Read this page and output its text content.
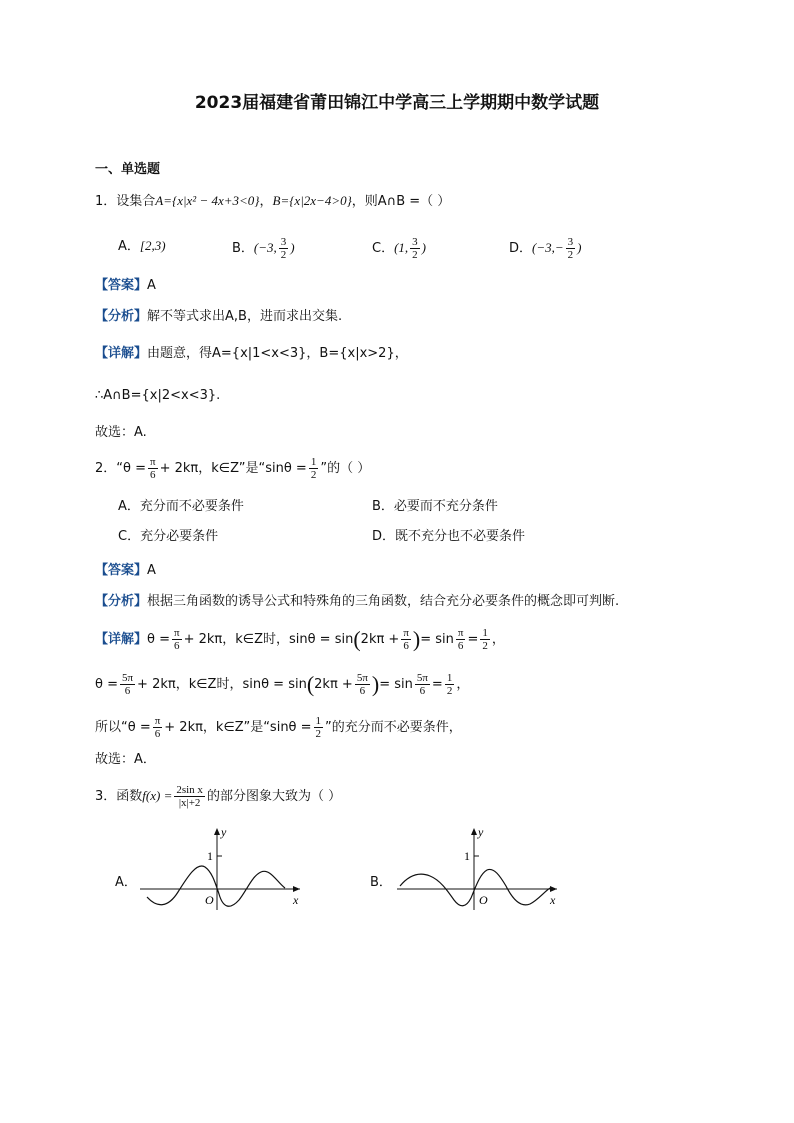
2023届福建省莆田锦江中学高三上学期期中数学试题
一、单选题
1．设集合A={x|x² − 4x+3<0}，B={x|2x−4>0}，则A∩B =（ ）
A．[2,3)	B．(−3, $\frac{3}{2}$ )	C．(1, $\frac{3}{2}$ )	D．($-3,- \frac{3}{2}$ )
【答案】A
【分析】解不等式求出A,B，进而求出交集.
【详解】由题意，得A={x|1<x<3}，B={x|x>2}，
∴A∩B={x|2<x<3}.
故选：A.
2．“$\theta = \frac{\pi}{6} + 2k\pi$，k∈Z”是“$\sin\theta = \frac{1}{2}$ ”的（ ）
A．充分而不必要条件	B．必要而不充分条件
C．充分必要条件	D．既不充分也不必要条件
【答案】A
【分析】根据三角函数的诱导公式和特殊角的三角函数，结合充分必要条件的概念即可判断.
【详解】$\theta = \frac{\pi}{6} + 2k\pi$，k∈Z时，$\sin\theta = \sin(2k\pi + \frac{\pi}{6}$ )= $\sin \frac{\pi}{6} = \frac{1}{2}$ ，
$\theta = \frac{5\pi}{6} + 2k\pi$，k∈Z时，$\sin\theta = \sin(2k\pi + \frac{5\pi}{6}$ )= $\sin \frac{5\pi}{6} = \frac{1}{2}$ ，
所以“$\theta = \frac{\pi}{6} + 2k\pi$，k∈Z”是“$\sin\theta = \frac{1}{2}$ ”的充分而不必要条件，
故选：A．
3．函数$f(x) = \frac{\text{2sin x}}{|x|+2}$ 的部分图象大致为（ ）
A．
y
1
O	x
B．
y
1
O	x
